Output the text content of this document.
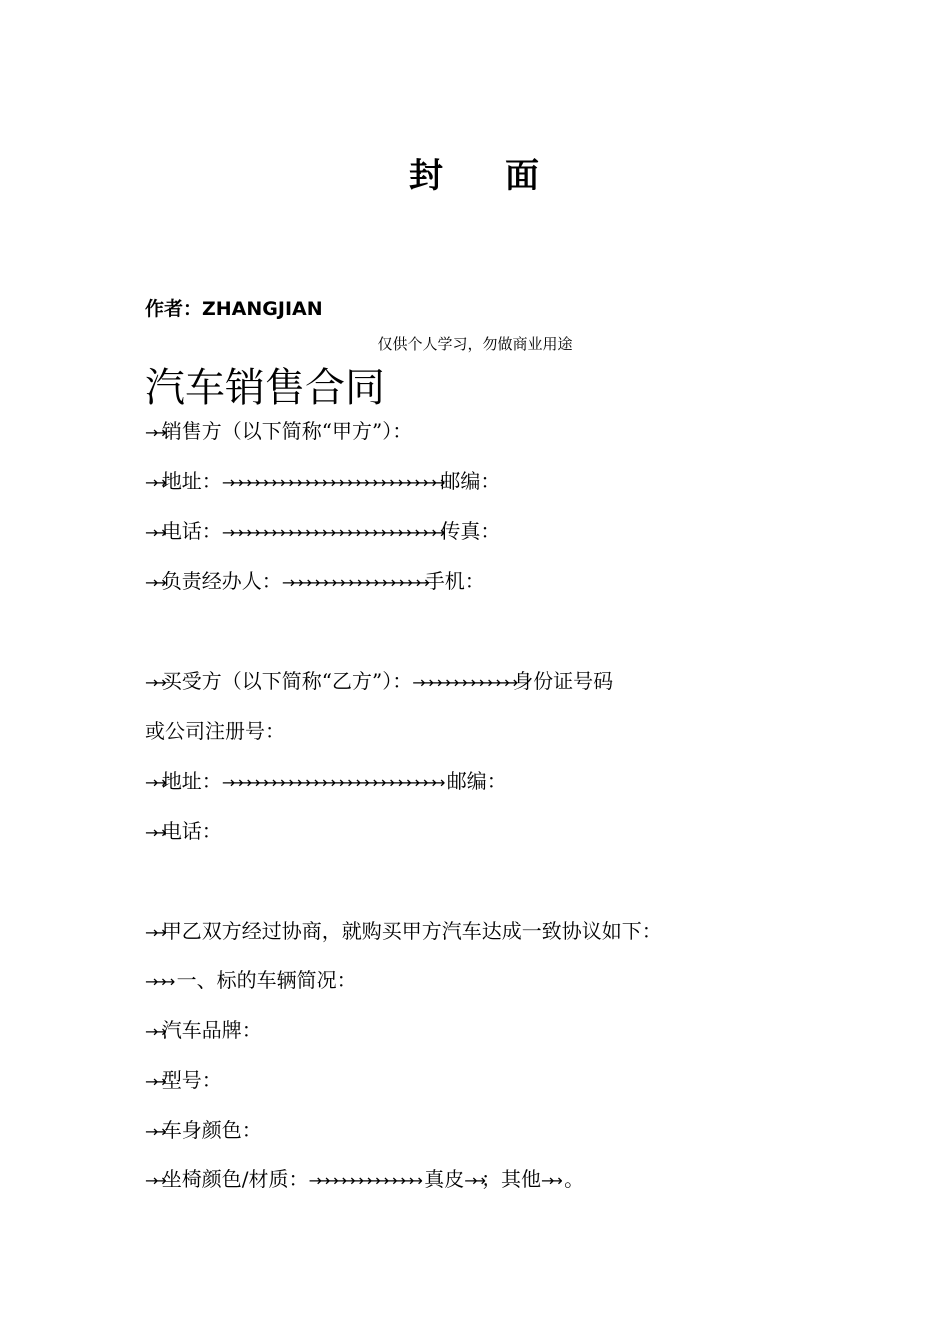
封 面
作者：ZHANGJIAN
仅供个人学习，勿做商业用途
汽车销售合同
→→销售方（以下简称“甲方”）：
→→地址：→→→→→→→→→→→→→→→→→→→→→→→→→→邮编：
→→电话：→→→→→→→→→→→→→→→→→→→→→→→→→→传真：
→→负责经办人：→→→→→→→→→→→→→→→→→手机：
→→买受方（以下简称“乙方”）：→→→→→→→→→→→→身份证号码
或公司注册号：
→→地址：→→→→→→→→→→→→→→→→→→→→→→→→→→ 邮编：
→→电话：
→→甲乙双方经过协商，就购买甲方汽车达成一致协议如下：
→→→ 一、标的车辆简况：
→→汽车品牌：
→→型号：
→→车身颜色：
→→坐椅颜色/材质：→→→→→→→→→→→→→ 真皮→→；其他→→ 。
